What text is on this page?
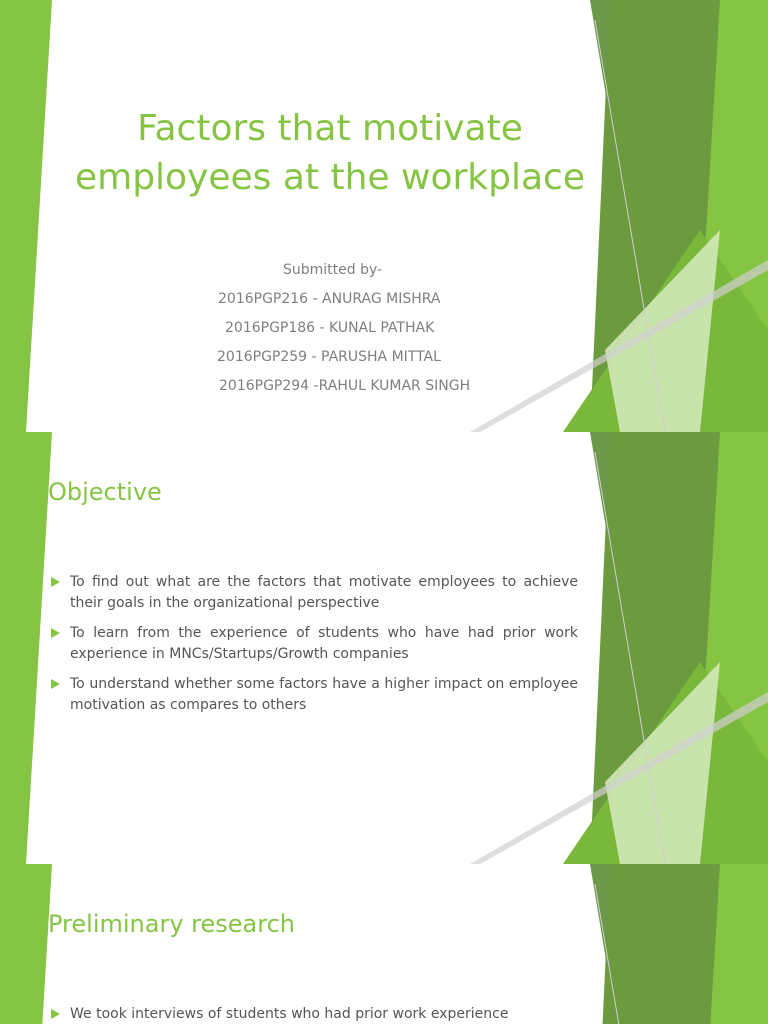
Factors that motivate employees at the workplace
Submitted by-
2016PGP216 - ANURAG MISHRA
2016PGP186 - KUNAL PATHAK
2016PGP259 - PARUSHA MITTAL
2016PGP294 -RAHUL KUMAR SINGH
Objective
To find out what are the factors that motivate employees to achieve their goals in the organizational perspective
To learn from the experience of students who have had prior work experience in MNCs/Startups/Growth companies
To understand whether some factors have a higher impact on employee motivation as compares to others
Preliminary research
We took interviews of students who had prior work experience
